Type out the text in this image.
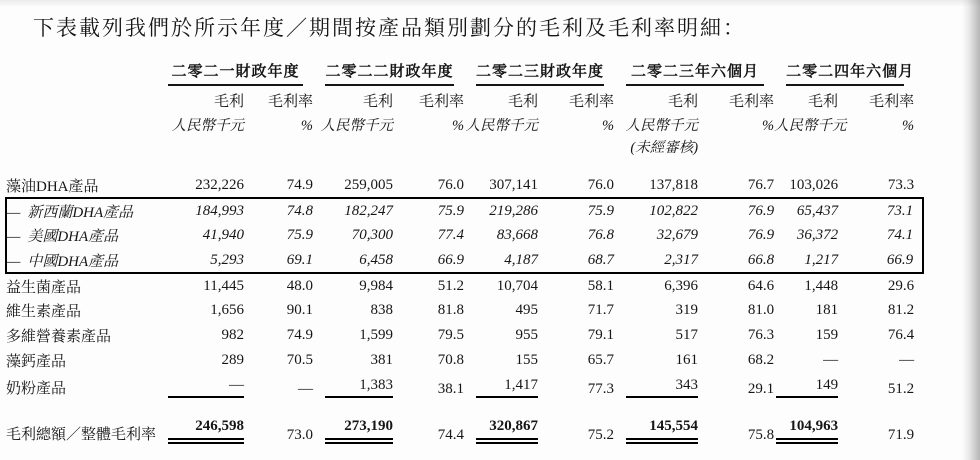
下表載列我們於所示年度／期間按產品類別劃分的毛利及毛利率明細：

	二零二一財政年度		二零二二財政年度		二零二三財政年度		二零二三年六個月		二零二四年六個月	

	毛利	毛利率	毛利	毛利率	毛利	毛利率	毛利	毛利率	毛利	毛利率
	人民幣千元	%	人民幣千元	%	人民幣千元	%	人民幣千元	%	人民幣千元	%
							(未經審核)			

藻油DHA產品	232,226	74.9	259,005	76.0	307,141	76.0	137,818	76.7	103,026	73.3
— 新西蘭DHA產品	184,993	74.8	182,247	75.9	219,286	75.9	102,822	76.9	65,437	73.1
— 美國DHA產品	41,940	75.9	70,300	77.4	83,668	76.8	32,679	76.9	36,372	74.1
— 中國DHA產品	5,293	69.1	6,458	66.9	4,187	68.7	2,317	66.8	1,217	66.9
益生菌產品	11,445	48.0	9,984	51.2	10,704	58.1	6,396	64.6	1,448	29.6
維生素產品	1,656	90.1	838	81.8	495	71.7	319	81.0	181	81.2
多維營養素產品	982	74.9	1,599	79.5	955	79.1	517	76.3	159	76.4
藻鈣產品	289	70.5	381	70.8	155	65.7	161	68.2	—	—
奶粉產品	—	—	1,383	38.1	1,417	77.3	343	29.1	149	51.2

毛利總額／整體毛利率	246,598	73.0	273,190	74.4	320,867	75.2	145,554	75.8	104,963	71.9
